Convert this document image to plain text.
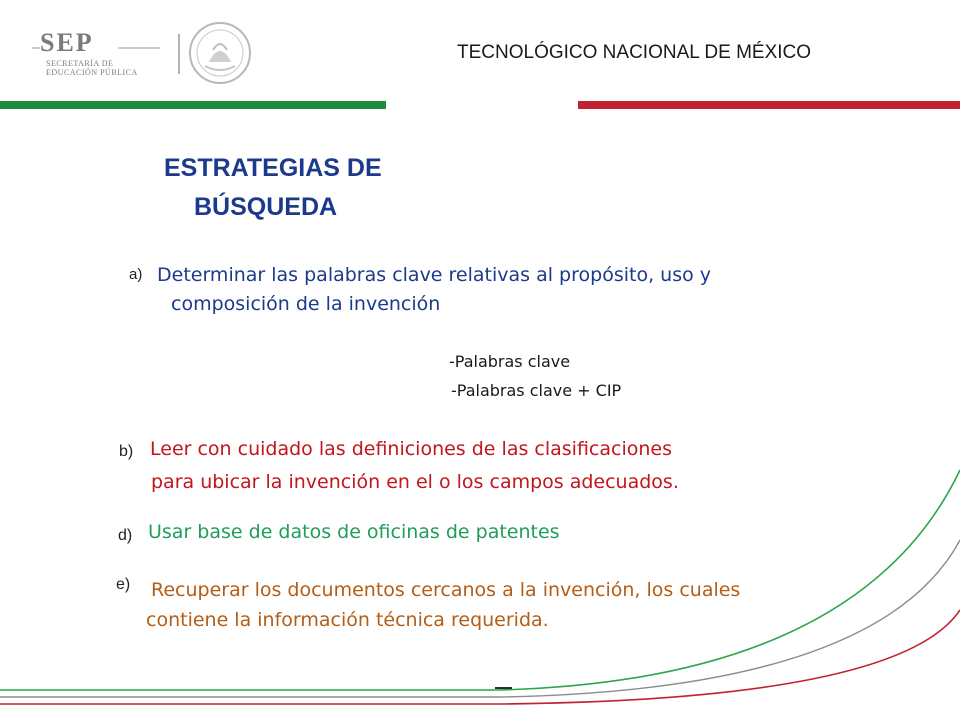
SEP
SECRETARÍA DE
EDUCACIÓN PÚBLICA
TECNOLÓGICO NACIONAL DE MÉXICO
ESTRATEGIAS DE
BÚSQUEDA
a) Determinar las palabras clave relativas al propósito, uso y
composición de la invención
-Palabras clave
-Palabras clave + CIP
b) Leer con cuidado las definiciones de las clasificaciones
para ubicar la invención en el o los campos adecuados.
d) Usar base de datos de oficinas de patentes
e) Recuperar los documentos cercanos a la invención, los cuales
contiene la información técnica requerida.
